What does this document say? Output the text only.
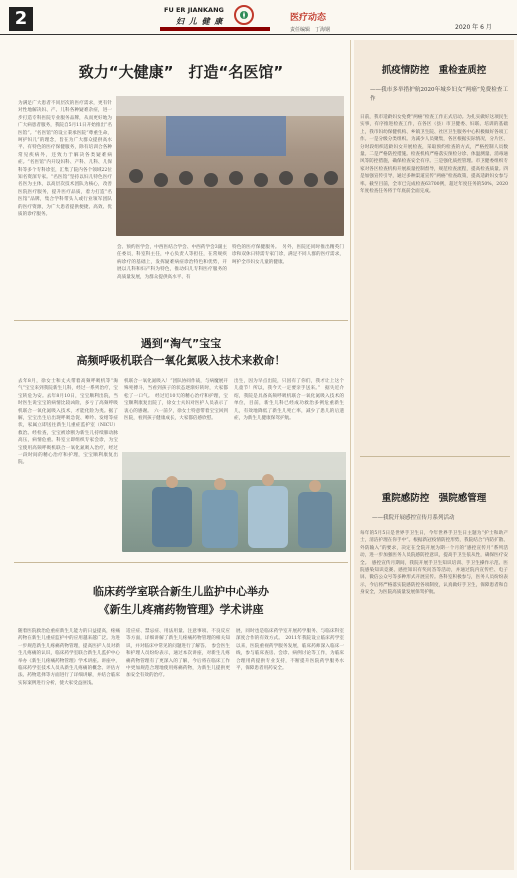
2	FU ER JIANKANG
妇 儿 健 康	医疗动态
责任编辑　丁海钢	2020 年 6 月
致力“大健康”　打造“名医馆”
为满足广大患者不同层次的医疗需求，更有针对性地解决妇、产、儿科各种疑难杂症，进一步打造专科医院专业服务品牌，从而更好地为广大病患者服务，我院自5月11日开始推出“名医馆”。“名医馆”的设立秉承医院“尊重生命，呵护妇儿”的理念，旨在为广大群众提供高水平、有特色的医疗保健服务，除有培训合各种常见疾病外，还致力于解决各类疑难病症。“名医馆”内开设妇科、产科、儿科、儿保科等多个专科诊室，汇集了院内各个领域22位知名资深专家。“名医馆”坚持以妇儿特色医疗名医为主体，以高层次技术团队为核心，改善医院医疗服务，提升医疗品质，着力打造“名医馆”品牌，集合学科带头人或行业领军团队的医疗资源，为广大患者提供便捷、高效、优质的诊疗服务。
会、预约医学会，中西医结合学会、中西药学会3副主任委员，科室科主任，中心负责人等担任，在常规疾病诊疗的基础上，发挥疑难病症诊治特色和优势，开展以儿科和妇产科为特色，推动妇儿专科医疗服务的高质量发展，为群众提供高水平、有
特色的医疗保健服务。　另外，医院还同时推出精英门诊和双休日特需专家门诊，满足不同人群的医疗需求，呵护全市妇女儿童的健康。
遇到“淘气”宝宝
高频呼吸机联合一氧化氮吸入技术来救命！
去年8月，徐女士和丈夫带着高频呼吸机等“淘气”宝宝来到我院新生儿科，经过一系列治疗，宝宝转危为安。去年8月10日，宝宝顺利出院，当时医生说宝宝的病情比较凶险，多亏了高频呼吸机联合一氧化氮吸入技术，才能化险为夷。据了解，宝宝出生后出现呼吸急促、呻吟、发绀等症状，家属立即送往新生儿重症监护室（NICU）救治。经检查，宝宝被诊断为新生儿持续肺动脉高压，病情危重。科室立即组织专家会诊，为宝宝使用高频呼吸机联合一氧化氮吸入治疗，经过一段时间的精心治疗和护理，宝宝顺利康复出院。
机联合一氧化氮吸入！”团队协同作战，与病魔展开殊死搏斗，当看到孩子的状态逐渐好转时，大家都松了一口气。　经过近10天的精心治疗和护理，宝宝顺利康复出院了，徐女士夫妇对医护人员表示了衷心的感谢。　六一前夕，徐女士特意带着宝宝回到医院，看到孩子健康成长，大家都倍感欣慰。
出生，因为早点出院，只因有了你们，我才让上这个儿童节！所以，我今天一定要亲手送来。”　据失近介绍，我院是具备高频呼吸机联合一氧化氮吸入技术的单位，目前，新生儿科已经成功救治多例危重新生儿，有效地降低了新生儿死亡率，减少了患儿的后遗症，为新生儿健康保驾护航。
临床药学室联合新生儿监护中心举办
《新生儿疼痛药物管理》学术讲座
随着医院救治危重症新生儿能力的日益提高，疼痛药物在新生儿重症监护中的应用越来越广泛。为进一步规范新生儿疼痛药物管理，提高医护人员对新生儿疼痛的认识，临床药学室联合新生儿监护中心举办《新生儿疼痛药物管理》学术讲座。讲座中，临床药学室技术人员从新生儿疼痛的概念、评估方法、药物选择等方面进行了详细讲解，并结合临床实际案例进行分析，使大家受益匪浅。
适应症、禁忌症、用法用量、注意事项、不良反应等方面，详细讲解了新生儿疼痛药物管理的相关知识，并对临床中常见的问题进行了解答。　参会医生和护理人员纷纷表示，通过本次讲座，对新生儿疼痛药物管理有了更深入的了解，今后将在临床工作中更加规范合理地使用疼痛药物，为新生儿提供更加安全有效的治疗。
展，同时也是临床药学室开展药学服务、与临床科室深度合作的有效方式。　2011年我院设立临床药学室以来，医院重视药学服务发展，临床药师深入临床一线，参与临床查房、会诊、病例讨论等工作，为临床合理用药提供专业支持，不断提升医院药学服务水平，保障患者用药安全。
抓疫情防控　重检查质控
——我市多举措护航2020年城乡妇女“两癌”免费检查工作
日前，我市适龄妇女免费“两癌”检查工作正式启动。为扎实做好这项民生实事，有序推进检查工作，在各区（县）市卫健委、妇联、培训的基础上，我市妇幼保健机构、乡镇卫生院、社区卫生服务中心积极做好各项工作。一是分级分类组织。为减少人员聚集，各区根据实际情况，分片区、分时段组织适龄妇女开展检查，采取预约检查的方式，严格控制人员数量。二是严格防控措施。检查机构严格落实预检分诊、体温测量、消毒通风等防控措施，确保检查安全有序。三是强化质控管理。市卫健委组织专家对各区检查机构开展质量控制督导，规范检查流程，提高检查质量。四是加强宣传引导，通过多种渠道宣传“两癌”检查政策，提高适龄妇女参与率。截至目前，全市已完成检查63700例，超过年度任务的50%，2020年度检查任务将于年底前全面完成。
重院感防控　强院感管理
——我院开展感控宣传月系列活动
每年的5月5日是世界手卫生日，今年世界手卫生日主题为“护士和助产士，清洁护理在你手中”。根据新冠疫情防控形势，我院结合“内防扩散、外防输入”的要求，决定在全院开展为期一个月的“感控宣传月”系列活动，进一步加强医务人员院感防控意识，提高手卫生依从性，确保医疗安全。　感控宣传月期间，我院开展手卫生知识培训、手卫生操作示范、医院感染知识竞赛、感控知识有奖问答等活动，并通过院内宣传栏、电子屏、微信公众号等多种形式开展宣传。各科室积极参与，医务人员纷纷表示，今后将严格落实院感防控各项制度，认真做好手卫生，保障患者和自身安全，为医院高质量发展保驾护航。
